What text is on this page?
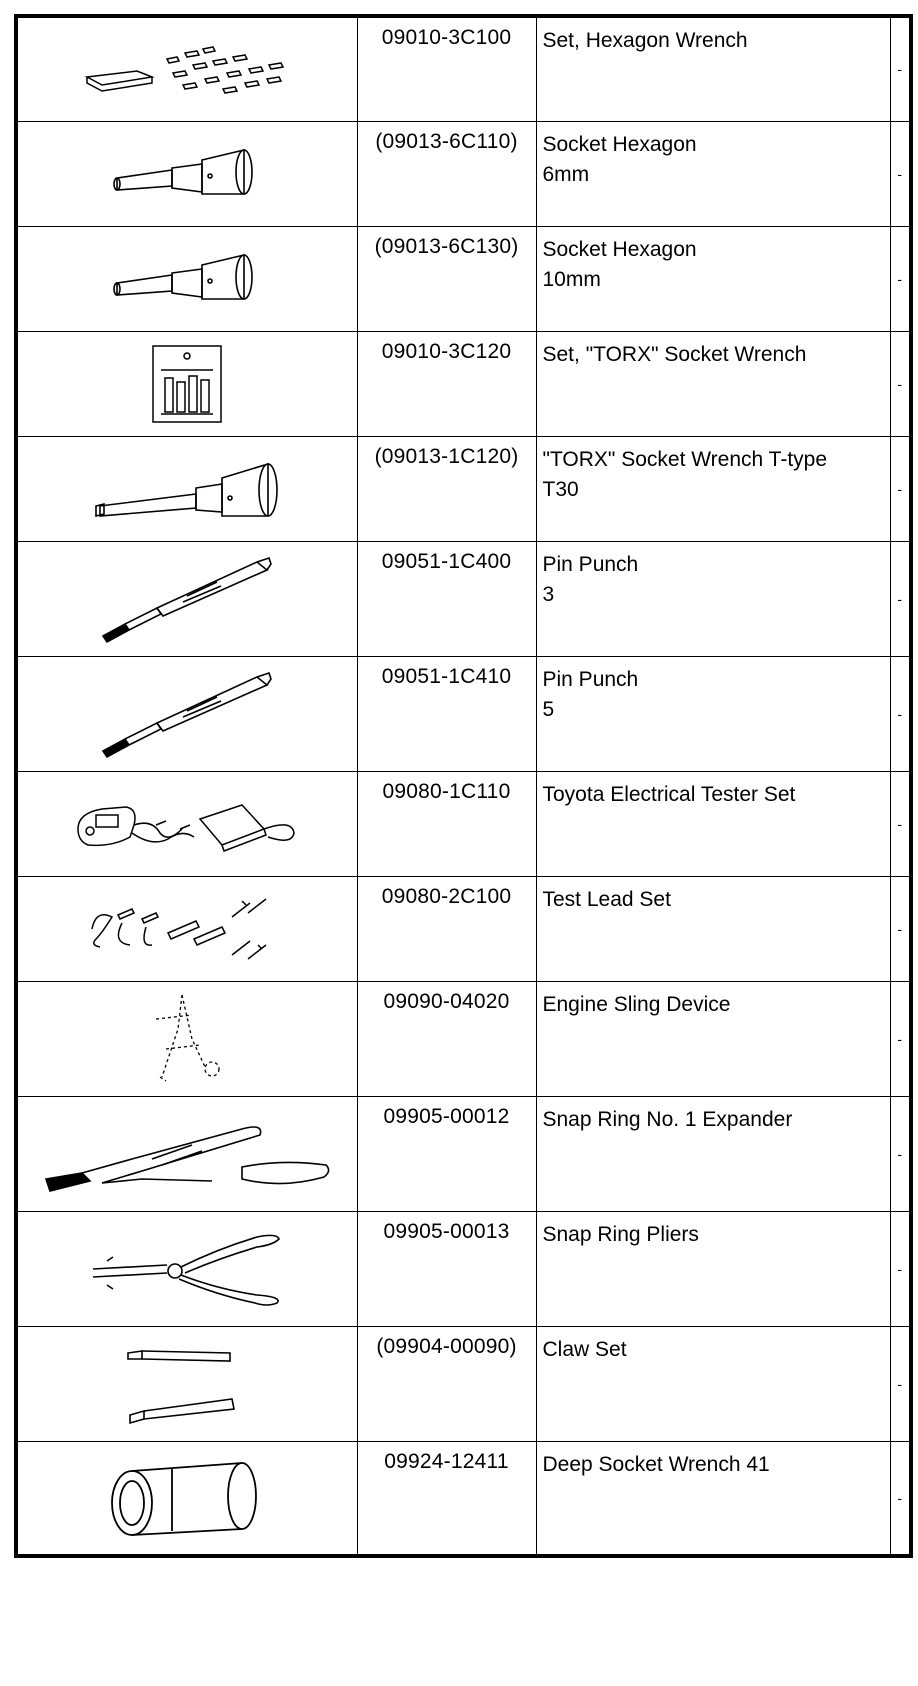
	09010-3C100	Set, Hexagon Wrench	-

	(09013-6C110)	Socket Hexagon
6mm	-

	(09013-6C130)	Socket Hexagon
10mm	-

	09010-3C120	Set, "TORX" Socket Wrench	-

	(09013-1C120)	"TORX" Socket Wrench T-type
T30	-

	09051-1C400	Pin Punch
3	-

	09051-1C410	Pin Punch
5	-

	09080-1C110	Toyota Electrical Tester Set	-

	09080-2C100	Test Lead Set	-

	09090-04020	Engine Sling Device	-

	09905-00012	Snap Ring No. 1 Expander	-

	09905-00013	Snap Ring Pliers	-

	(09904-00090)	Claw Set	-

	09924-12411	Deep Socket Wrench 41	-
